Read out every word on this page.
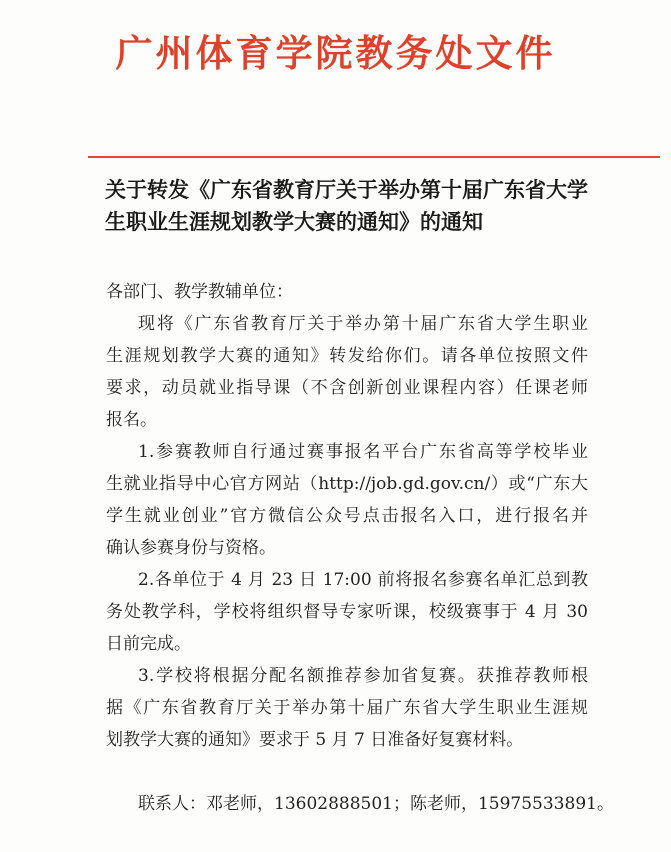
广州体育学院教务处文件
关于转发《广东省教育厅关于举办第十届广东省大学
生职业生涯规划教学大赛的通知》的通知
各部门、教学教辅单位：
现将《广东省教育厅关于举办第十届广东省大学生职业
生涯规划教学大赛的通知》转发给你们。请各单位按照文件
要求，动员就业指导课（不含创新创业课程内容）任课老师
报名。
1.参赛教师自行通过赛事报名平台广东省高等学校毕业
生就业指导中心官方网站（http://job.gd.gov.cn/）或“广东大
学生就业创业”官方微信公众号点击报名入口，进行报名并
确认参赛身份与资格。
2.各单位于 4 月 23 日 17:00 前将报名参赛名单汇总到教
务处教学科，学校将组织督导专家听课，校级赛事于 4 月 30
日前完成。
3.学校将根据分配名额推荐参加省复赛。获推荐教师根
据《广东省教育厅关于举办第十届广东省大学生职业生涯规
划教学大赛的通知》要求于 5 月 7 日准备好复赛材料。
联系人：邓老师，13602888501；陈老师，15975533891。
